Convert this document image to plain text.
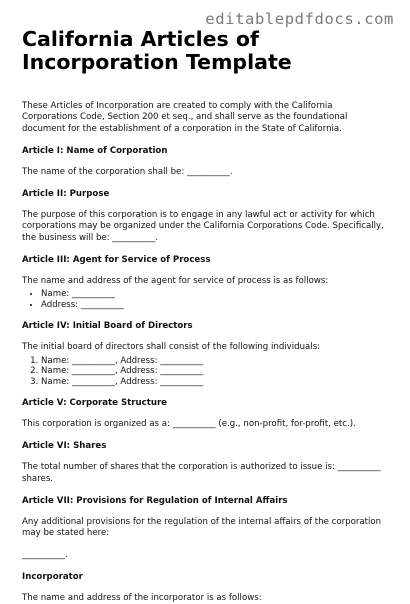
editablepdfdocs.com
California Articles of Incorporation Template

These Articles of Incorporation are created to comply with the California Corporations Code, Section 200 et seq., and shall serve as the foundational document for the establishment of a corporation in the State of California.

Article I: Name of Corporation

The name of the corporation shall be: __________.

Article II: Purpose

The purpose of this corporation is to engage in any lawful act or activity for which corporations may be organized under the California Corporations Code. Specifically, the business will be: __________.

Article III: Agent for Service of Process

The name and address of the agent for service of process is as follows:

• Name: __________
• Address: __________
Article IV: Initial Board of Directors

The initial board of directors shall consist of the following individuals:

1. Name: __________, Address: __________
2. Name: __________, Address: __________
3. Name: __________, Address: __________
Article V: Corporate Structure

This corporation is organized as a: __________ (e.g., non-profit, for-profit, etc.).

Article VI: Shares

The total number of shares that the corporation is authorized to issue is: __________ shares.

Article VII: Provisions for Regulation of Internal Affairs

Any additional provisions for the regulation of the internal affairs of the corporation may be stated here:

__________.

Incorporator

The name and address of the incorporator is as follows:
